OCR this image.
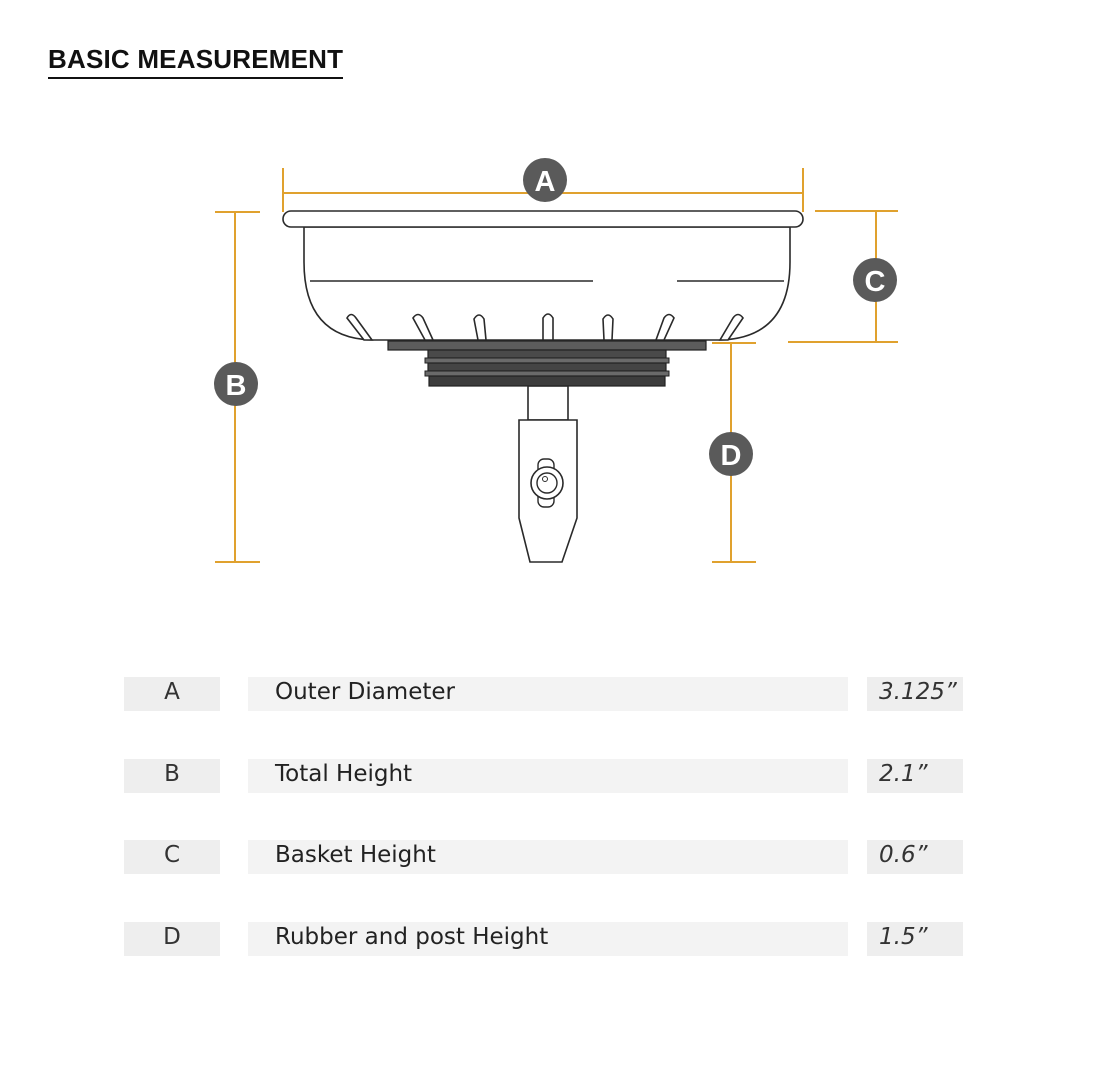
BASIC MEASUREMENT
A
B
C
D
A	Outer Diameter	3.125”
B	Total Height	2.1”
C	Basket Height	0.6”
D	Rubber and post Height	1.5”
